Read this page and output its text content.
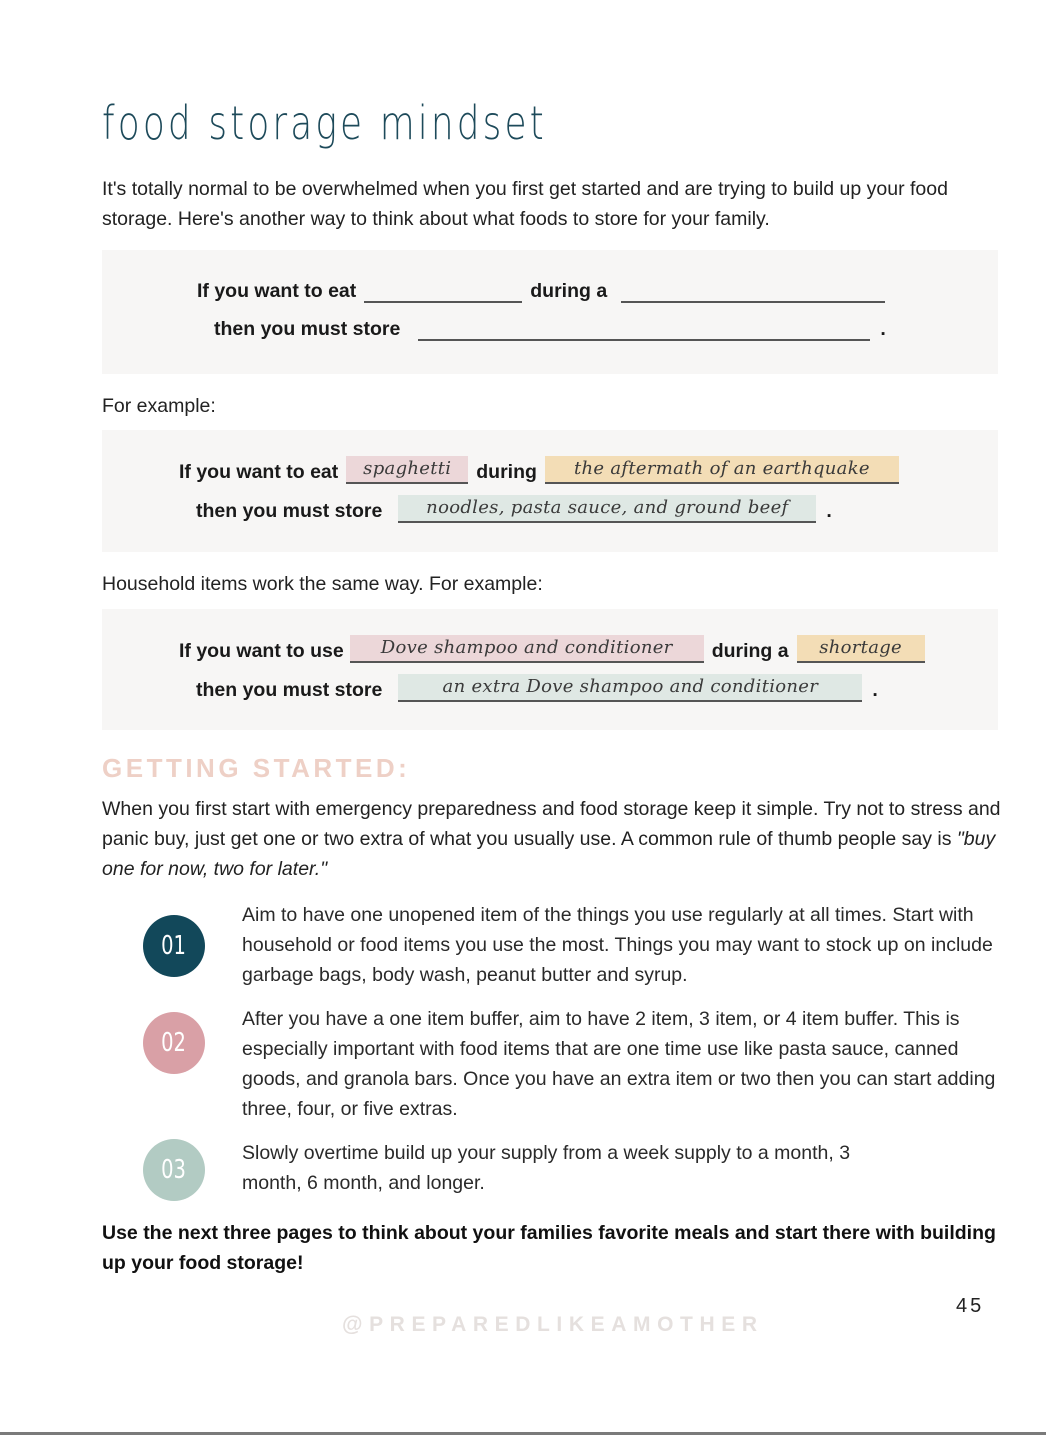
food storage mindset
It's totally normal to be overwhelmed when you first get started and are trying to build up your food storage. Here's another way to think about what foods to store for your family.
If you want to eat	during a
then you must store	.
For example:
If you want to eat	spaghetti	during	the aftermath of an earthquake
then you must store	noodles, pasta sauce, and ground beef	.
Household items work the same way. For example:
If you want to use	Dove shampoo and conditioner	during a	shortage
then you must store	an extra Dove shampoo and conditioner	.
GETTING STARTED:
When you first start with emergency preparedness and food storage keep it simple. Try not to stress and panic buy, just get one or two extra of what you usually use. A common rule of thumb people say is "buy one for now, two for later."
01
Aim to have one unopened item of the things you use regularly at all times. Start with household or food items you use the most. Things you may want to stock up on include garbage bags, body wash, peanut butter and syrup.
02
After you have a one item buffer, aim to have 2 item, 3 item, or 4 item buffer. This is especially important with food items that are one time use like pasta sauce, canned goods, and granola bars. Once you have an extra item or two then you can start adding three, four, or five extras.
03
Slowly overtime build up your supply from a week supply to a month, 3 month, 6 month, and longer.
Use the next three pages to think about your families favorite meals and start there with building up your food storage!
45
@PREPAREDLIKEAMOTHER
